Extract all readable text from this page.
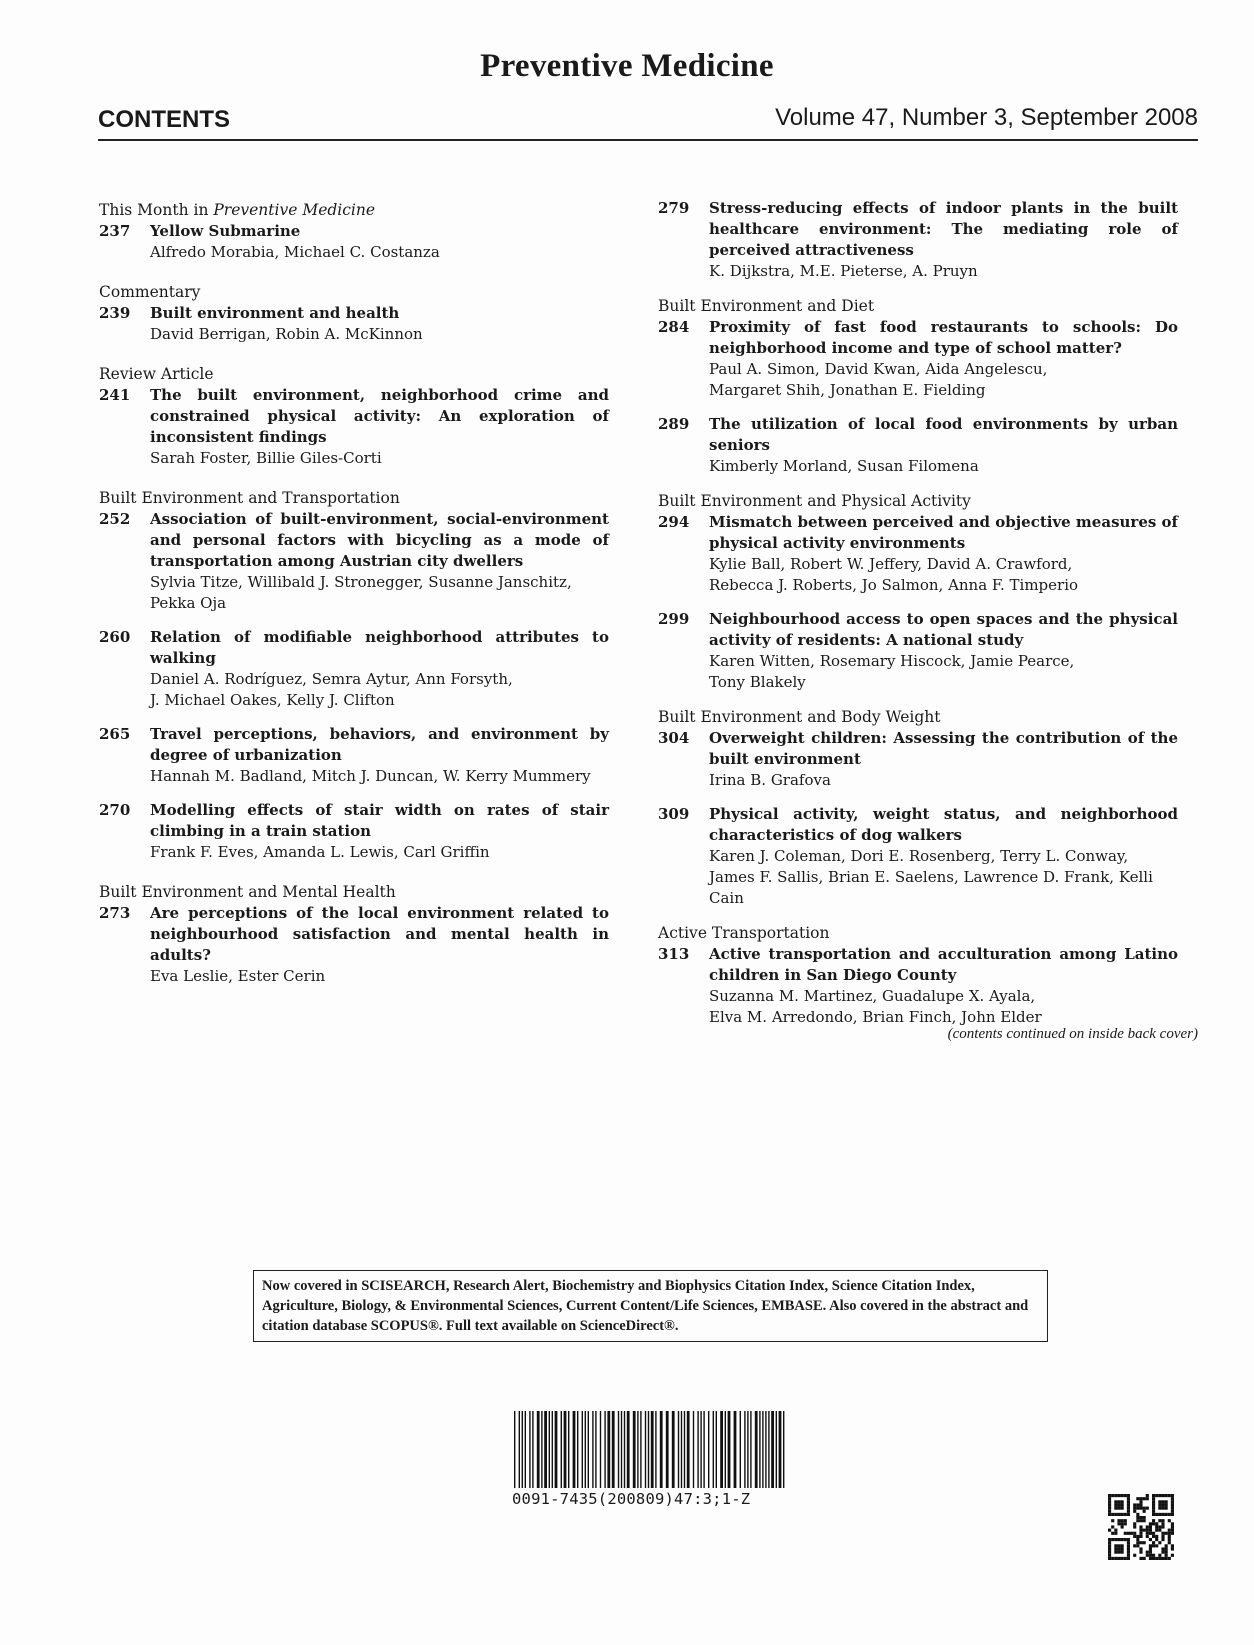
Preventive Medicine
CONTENTS	Volume 47, Number 3, September 2008
This Month in Preventive Medicine
237	Yellow Submarine
Alfredo Morabia, Michael C. Costanza
Commentary
239	Built environment and health
David Berrigan, Robin A. McKinnon
Review Article
241	The built environment, neighborhood crime and constrained physical activity: An exploration of inconsistent findings
Sarah Foster, Billie Giles-Corti
Built Environment and Transportation
252	Association of built-environment, social-environment and personal factors with bicycling as a mode of transportation among Austrian city dwellers
Sylvia Titze, Willibald J. Stronegger, Susanne Janschitz,
Pekka Oja
260	Relation of modifiable neighborhood attributes to walking
Daniel A. Rodríguez, Semra Aytur, Ann Forsyth,
J. Michael Oakes, Kelly J. Clifton
265	Travel perceptions, behaviors, and environment by degree of urbanization
Hannah M. Badland, Mitch J. Duncan, W. Kerry Mummery
270	Modelling effects of stair width on rates of stair climbing in a train station
Frank F. Eves, Amanda L. Lewis, Carl Griffin
Built Environment and Mental Health
273	Are perceptions of the local environment related to neighbourhood satisfaction and mental health in adults?
Eva Leslie, Ester Cerin
279	Stress-reducing effects of indoor plants in the built healthcare environment: The mediating role of perceived attractiveness
K. Dijkstra, M.E. Pieterse, A. Pruyn
Built Environment and Diet
284	Proximity of fast food restaurants to schools: Do neighborhood income and type of school matter?
Paul A. Simon, David Kwan, Aida Angelescu,
Margaret Shih, Jonathan E. Fielding
289	The utilization of local food environments by urban seniors
Kimberly Morland, Susan Filomena
Built Environment and Physical Activity
294	Mismatch between perceived and objective measures of physical activity environments
Kylie Ball, Robert W. Jeffery, David A. Crawford,
Rebecca J. Roberts, Jo Salmon, Anna F. Timperio
299	Neighbourhood access to open spaces and the physical activity of residents: A national study
Karen Witten, Rosemary Hiscock, Jamie Pearce,
Tony Blakely
Built Environment and Body Weight
304	Overweight children: Assessing the contribution of the built environment
Irina B. Grafova
309	Physical activity, weight status, and neighborhood characteristics of dog walkers
Karen J. Coleman, Dori E. Rosenberg, Terry L. Conway,
James F. Sallis, Brian E. Saelens, Lawrence D. Frank, Kelli Cain
Active Transportation
313	Active transportation and acculturation among Latino children in San Diego County
Suzanna M. Martinez, Guadalupe X. Ayala,
Elva M. Arredondo, Brian Finch, John Elder
(contents continued on inside back cover)
Now covered in SCISEARCH, Research Alert, Biochemistry and Biophysics Citation Index, Science Citation Index, Agriculture, Biology, & Environmental Sciences, Current Content/Life Sciences, EMBASE. Also covered in the abstract and citation database SCOPUS®. Full text available on ScienceDirect®.
0091-7435(200809)47:3;1-Z
